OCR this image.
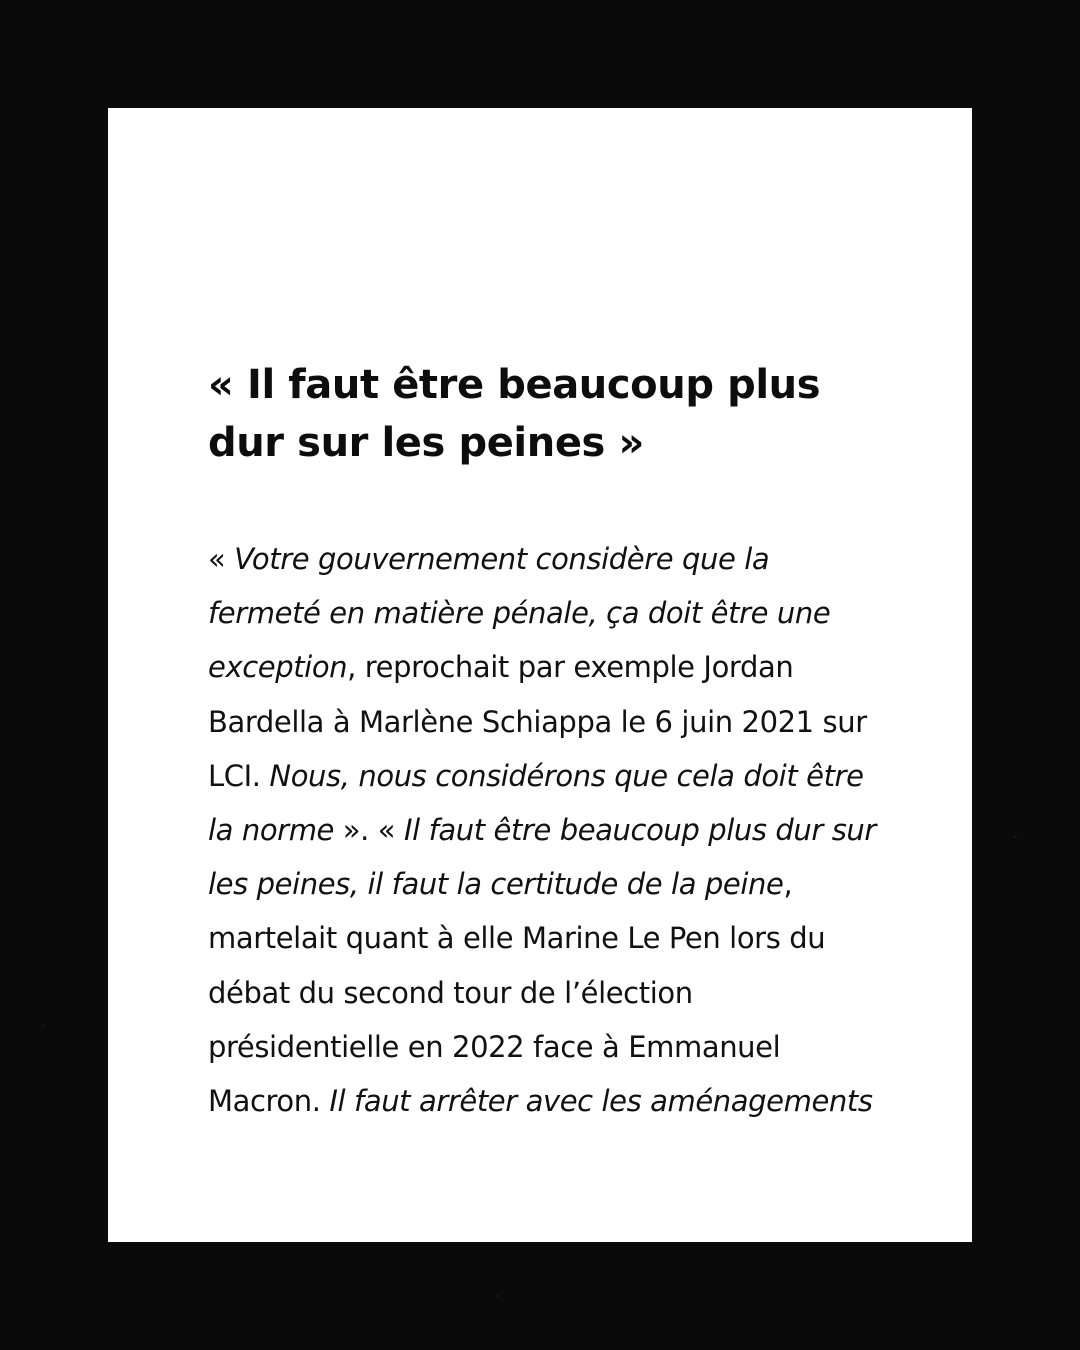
« Il faut être beaucoup plus
dur sur les peines »

« Votre gouvernement considère que la fermeté en matière pénale, ça doit être une exception, reprochait par exemple Jordan Bardella à Marlène Schiappa le 6 juin 2021 sur LCI. Nous, nous considérons que cela doit être la norme ». « Il faut être beaucoup plus dur sur les peines, il faut la certitude de la peine, martelait quant à elle Marine Le Pen lors du débat du second tour de l’élection présidentielle en 2022 face à Emmanuel Macron. Il faut arrêter avec les aménagements
